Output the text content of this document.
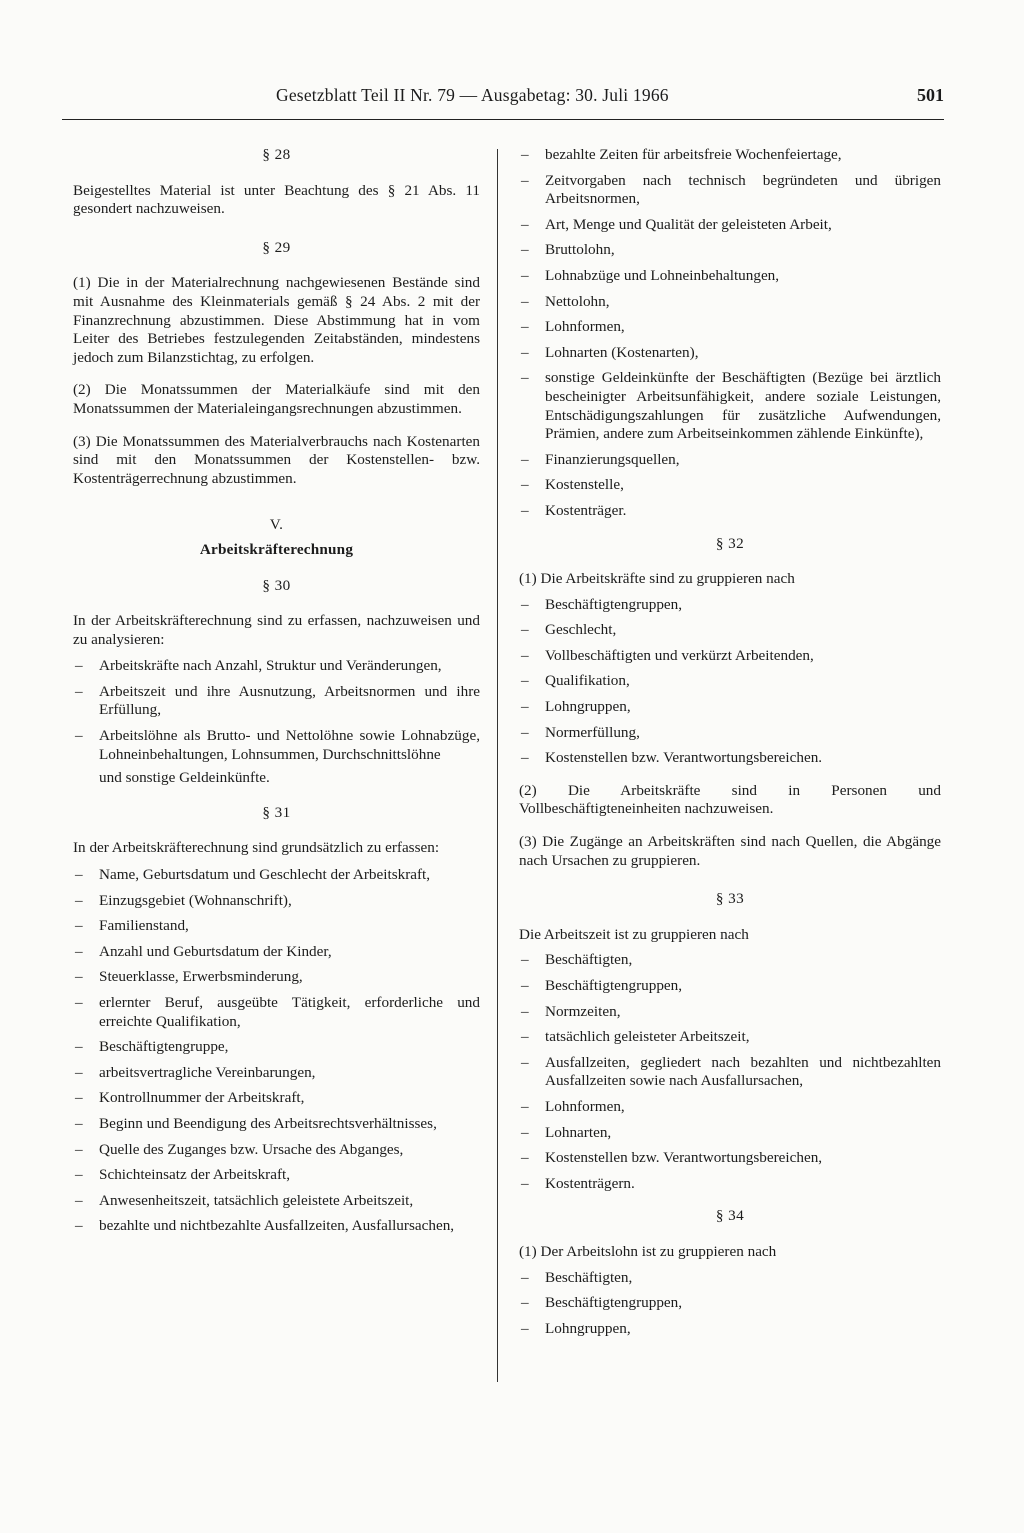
Gesetzblatt Teil II Nr. 79 — Ausgabetag: 30. Juli 1966	501
§ 28

Beigestelltes Material ist unter Beachtung des § 21 Abs. 11 gesondert nachzuweisen.

§ 29

(1) Die in der Materialrechnung nachgewiesenen Bestände sind mit Ausnahme des Kleinmaterials gemäß § 24 Abs. 2 mit der Finanzrechnung abzustimmen. Diese Abstimmung hat in vom Leiter des Betriebes festzulegenden Zeitabständen, mindestens jedoch zum Bilanzstichtag, zu erfolgen.

(2) Die Monatssummen der Materialkäufe sind mit den Monatssummen der Materialeingangsrechnungen abzustimmen.

(3) Die Monatssummen des Materialverbrauchs nach Kostenarten sind mit den Monatssummen der Kostenstellen- bzw. Kostenträgerrechnung abzustimmen.

V.
Arbeitskräfterechnung
§ 30

In der Arbeitskräfterechnung sind zu erfassen, nachzuweisen und zu analysieren:

– Arbeitskräfte nach Anzahl, Struktur und Veränderungen,
– Arbeitszeit und ihre Ausnutzung, Arbeitsnormen und ihre Erfüllung,
– Arbeitslöhne als Brutto- und Nettolöhne sowie Lohnabzüge, Lohneinbehaltungen, Lohnsummen, Durchschnittslöhne
und sonstige Geldeinkünfte.
§ 31

In der Arbeitskräfterechnung sind grundsätzlich zu erfassen:

– Name, Geburtsdatum und Geschlecht der Arbeitskraft,
– Einzugsgebiet (Wohnanschrift),
– Familienstand,
– Anzahl und Geburtsdatum der Kinder,
– Steuerklasse, Erwerbsminderung,
– erlernter Beruf, ausgeübte Tätigkeit, erforderliche und erreichte Qualifikation,
– Beschäftigtengruppe,
– arbeitsvertragliche Vereinbarungen,
– Kontrollnummer der Arbeitskraft,
– Beginn und Beendigung des Arbeitsrechtsverhältnisses,
– Quelle des Zuganges bzw. Ursache des Abganges,
– Schichteinsatz der Arbeitskraft,
– Anwesenheitszeit, tatsächlich geleistete Arbeitszeit,
– bezahlte und nichtbezahlte Ausfallzeiten, Ausfallursachen,
– bezahlte Zeiten für arbeitsfreie Wochenfeiertage,
– Zeitvorgaben nach technisch begründeten und übrigen Arbeitsnormen,
– Art, Menge und Qualität der geleisteten Arbeit,
– Bruttolohn,
– Lohnabzüge und Lohneinbehaltungen,
– Nettolohn,
– Lohnformen,
– Lohnarten (Kostenarten),
– sonstige Geldeinkünfte der Beschäftigten (Bezüge bei ärztlich bescheinigter Arbeitsunfähigkeit, andere soziale Leistungen, Entschädigungszahlungen für zusätzliche Aufwendungen, Prämien, andere zum Arbeitseinkommen zählende Einkünfte),
– Finanzierungsquellen,
– Kostenstelle,
– Kostenträger.
§ 32

(1) Die Arbeitskräfte sind zu gruppieren nach

– Beschäftigtengruppen,
– Geschlecht,
– Vollbeschäftigten und verkürzt Arbeitenden,
– Qualifikation,
– Lohngruppen,
– Normerfüllung,
– Kostenstellen bzw. Verantwortungsbereichen.

(2) Die Arbeitskräfte sind in Personen und Vollbeschäftigteneinheiten nachzuweisen.

(3) Die Zugänge an Arbeitskräften sind nach Quellen, die Abgänge nach Ursachen zu gruppieren.

§ 33

Die Arbeitszeit ist zu gruppieren nach

– Beschäftigten,
– Beschäftigtengruppen,
– Normzeiten,
– tatsächlich geleisteter Arbeitszeit,
– Ausfallzeiten, gegliedert nach bezahlten und nichtbezahlten Ausfallzeiten sowie nach Ausfallursachen,
– Lohnformen,
– Lohnarten,
– Kostenstellen bzw. Verantwortungsbereichen,
– Kostenträgern.
§ 34

(1) Der Arbeitslohn ist zu gruppieren nach

– Beschäftigten,
– Beschäftigtengruppen,
– Lohngruppen,
